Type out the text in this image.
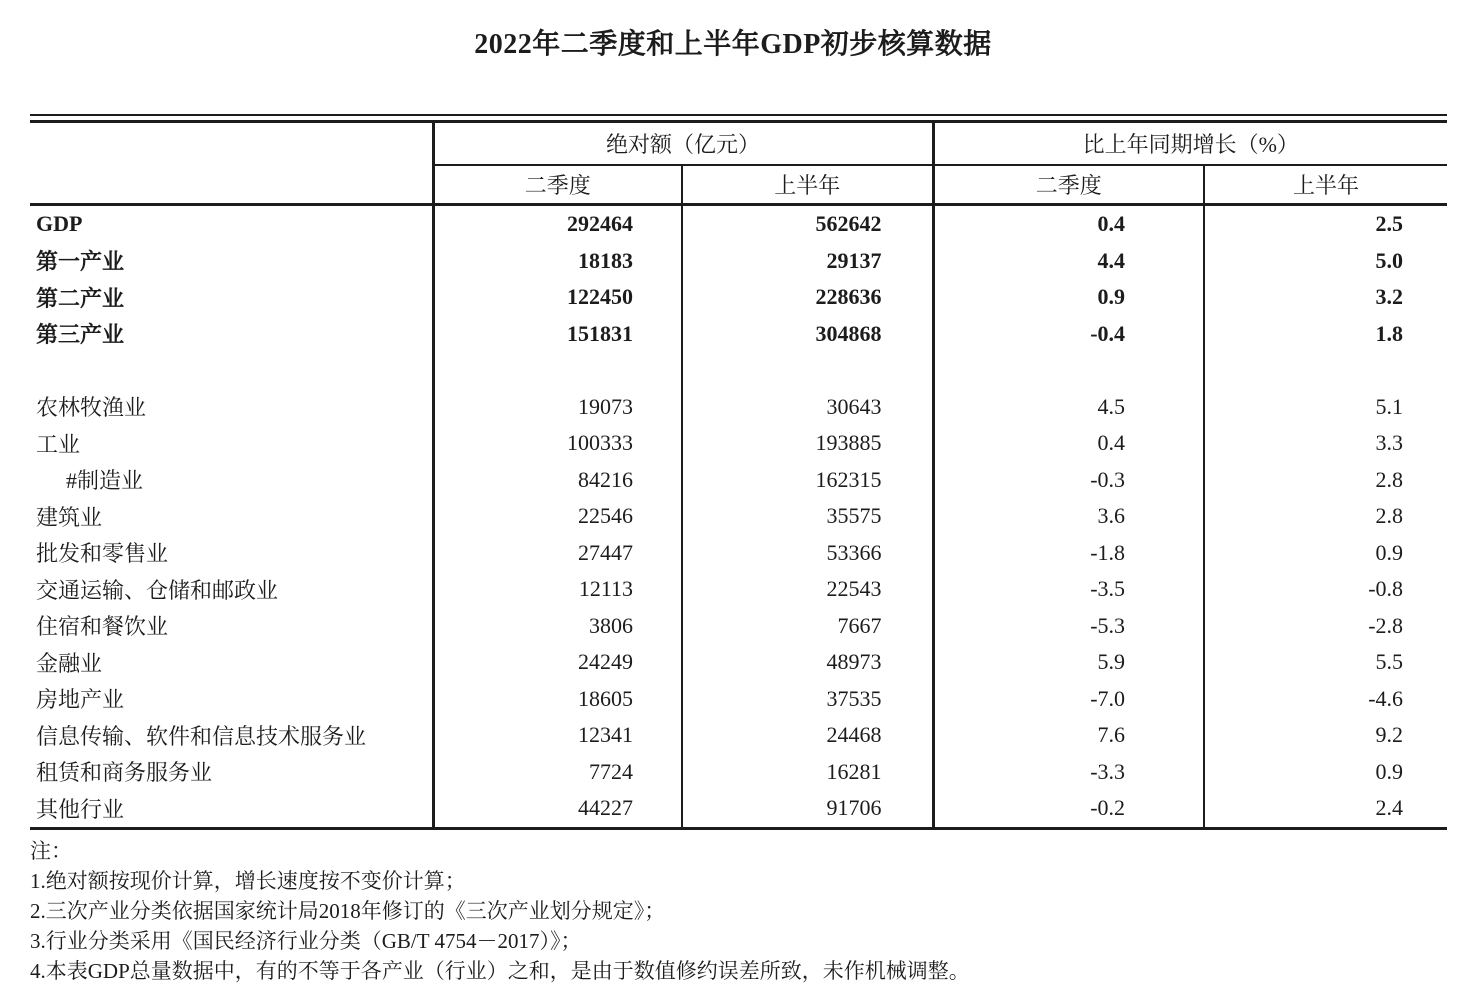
2022年二季度和上半年GDP初步核算数据
	绝对额（亿元）		比上年同期增长（%）	
	二季度	上半年	二季度	上半年
GDP	292464	562642	0.4	2.5
第一产业	18183	29137	4.4	5.0
第二产业	122450	228636	0.9	3.2
第三产业	151831	304868	-0.4	1.8

农林牧渔业	19073	30643	4.5	5.1
工业	100333	193885	0.4	3.3
#制造业	84216	162315	-0.3	2.8
建筑业	22546	35575	3.6	2.8
批发和零售业	27447	53366	-1.8	0.9
交通运输、仓储和邮政业	12113	22543	-3.5	-0.8
住宿和餐饮业	3806	7667	-5.3	-2.8
金融业	24249	48973	5.9	5.5
房地产业	18605	37535	-7.0	-4.6
信息传输、软件和信息技术服务业	12341	24468	7.6	9.2
租赁和商务服务业	7724	16281	-3.3	0.9
其他行业	44227	91706	-0.2	2.4
注：
1.绝对额按现价计算，增长速度按不变价计算；
2.三次产业分类依据国家统计局2018年修订的《三次产业划分规定》；
3.行业分类采用《国民经济行业分类（GB/T 4754－2017）》；
4.本表GDP总量数据中，有的不等于各产业（行业）之和，是由于数值修约误差所致，未作机械调整。
